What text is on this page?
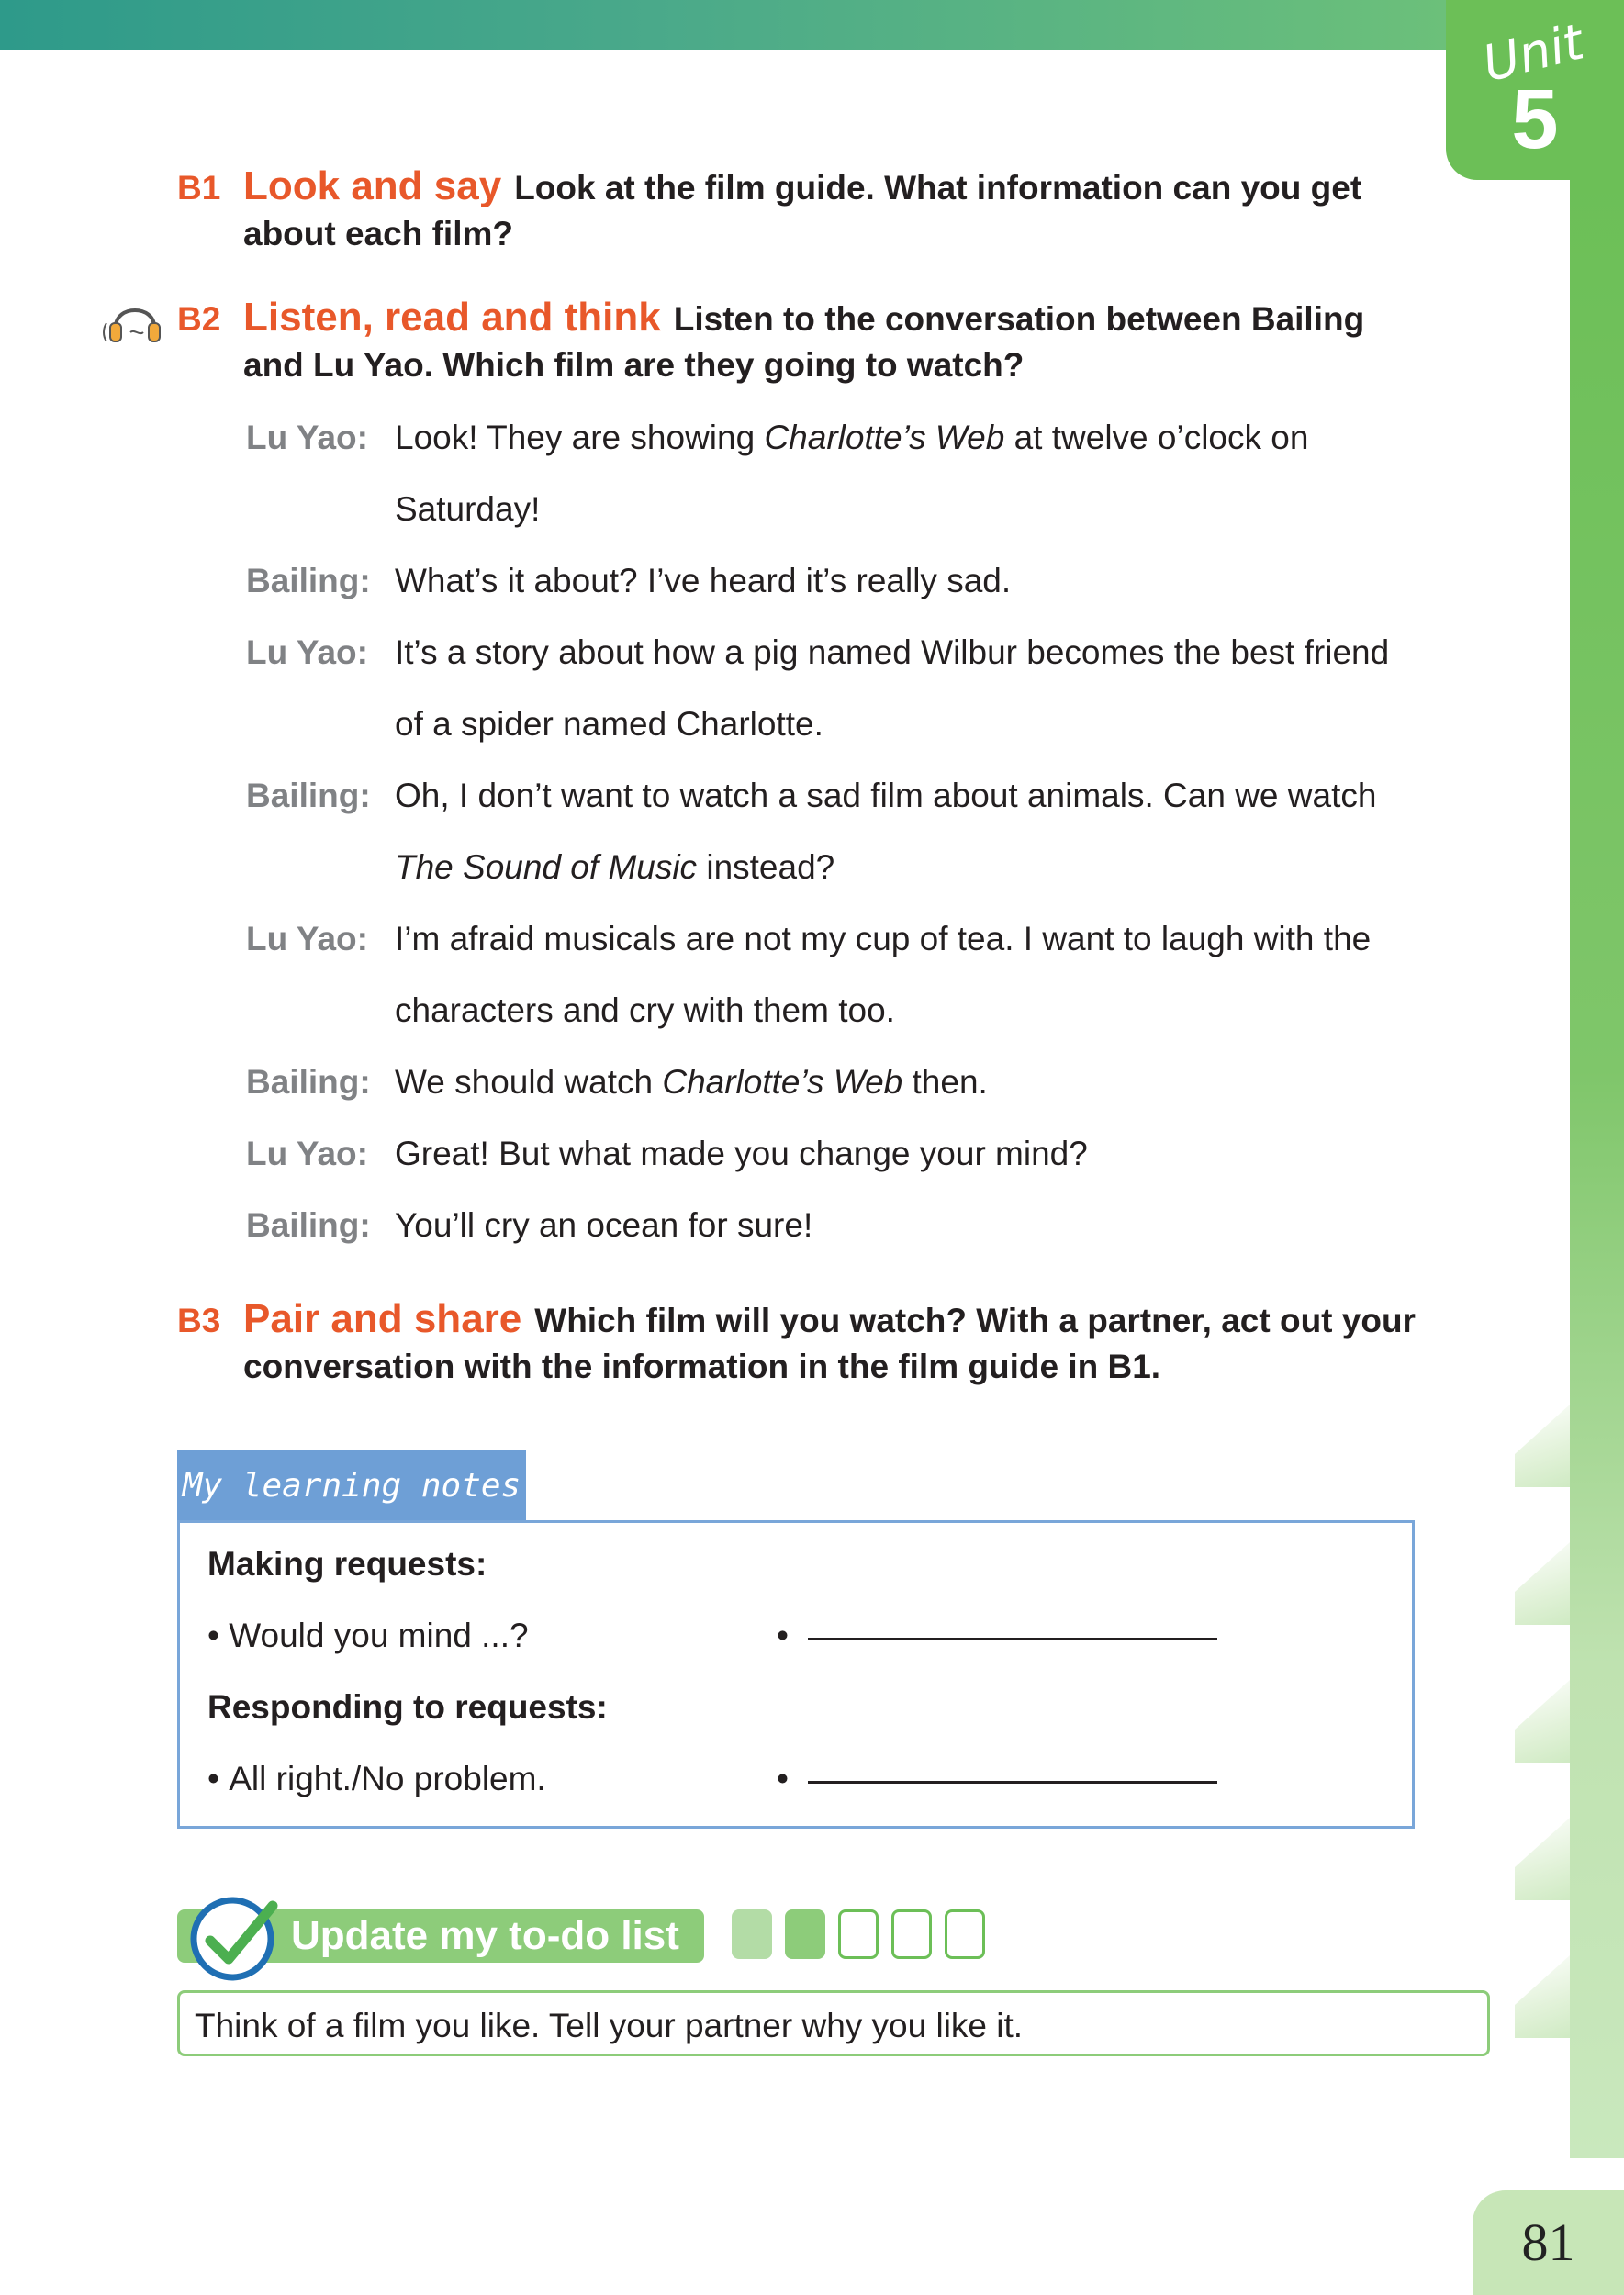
Unit
5
B1 Look and say Look at the film guide. What information can you get
about each film?
B2 Listen, read and think Listen to the conversation between Bailing
and Lu Yao. Which film are they going to watch?
Lu Yao: Look! They are showing Charlotte’s Web at twelve o’clock on
Saturday!
Bailing: What’s it about? I’ve heard it’s really sad.
Lu Yao: It’s a story about how a pig named Wilbur becomes the best friend
of a spider named Charlotte.
Bailing: Oh, I don’t want to watch a sad film about animals. Can we watch
The Sound of Music instead?
Lu Yao: I’m afraid musicals are not my cup of tea. I want to laugh with the
characters and cry with them too.
Bailing: We should watch Charlotte’s Web then.
Lu Yao: Great! But what made you change your mind?
Bailing: You’ll cry an ocean for sure!
B3 Pair and share Which film will you watch? With a partner, act out your
conversation with the information in the film guide in B1.
My learning notes
Making requests:
• Would you mind ...?	•
Responding to requests:
• All right./No problem.	•
Update my to-do list
Think of a film you like. Tell your partner why you like it.
81
